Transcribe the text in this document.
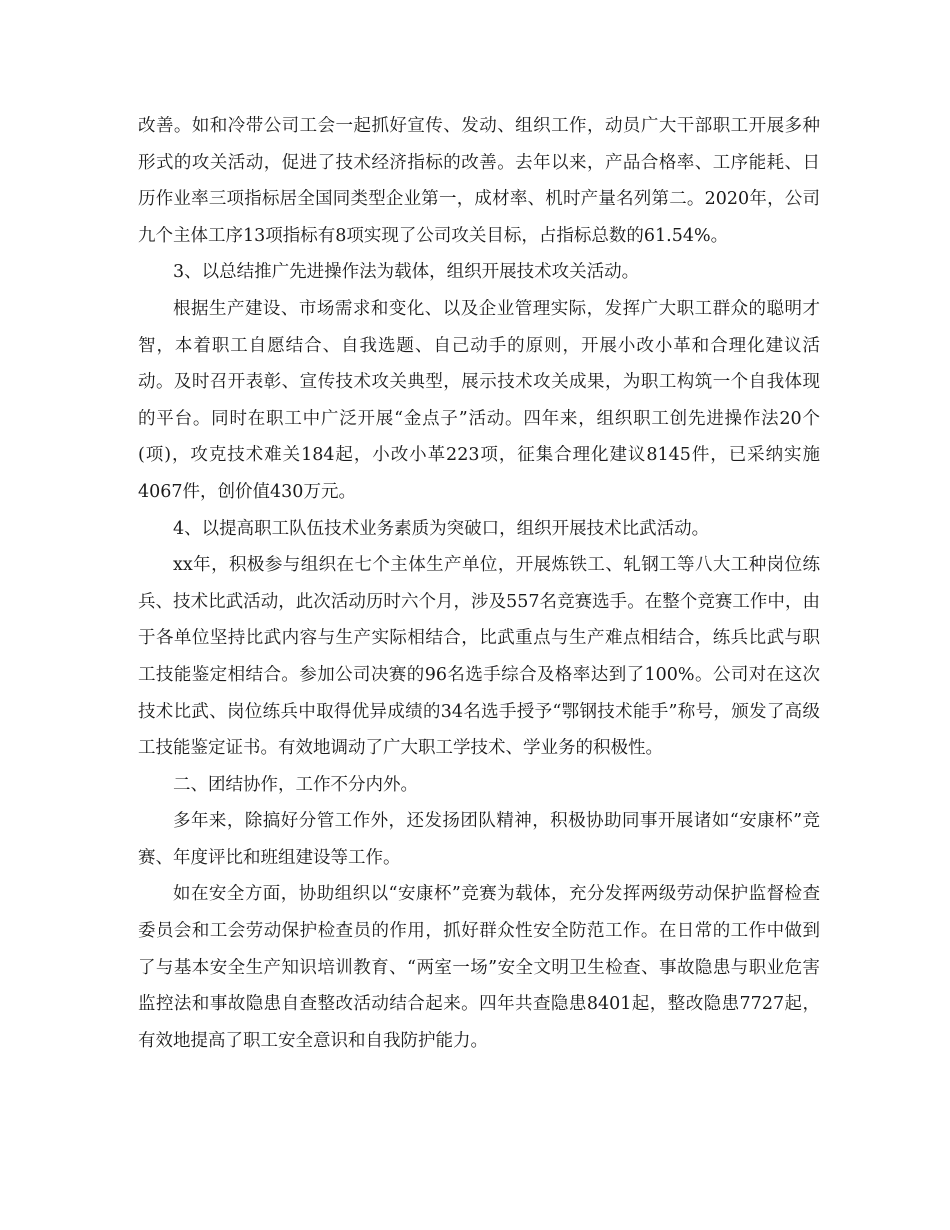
改善。如和冷带公司工会一起抓好宣传、发动、组织工作，动员广大干部职工开展多种形式的攻关活动，促进了技术经济指标的改善。去年以来，产品合格率、工序能耗、日历作业率三项指标居全国同类型企业第一，成材率、机时产量名列第二。2020年，公司九个主体工序13项指标有8项实现了公司攻关目标，占指标总数的61.54%。

3、以总结推广先进操作法为载体，组织开展技术攻关活动。

根据生产建设、市场需求和变化、以及企业管理实际，发挥广大职工群众的聪明才智，本着职工自愿结合、自我选题、自己动手的原则，开展小改小革和合理化建议活动。及时召开表彰、宣传技术攻关典型，展示技术攻关成果，为职工构筑一个自我体现的平台。同时在职工中广泛开展“金点子”活动。四年来，组织职工创先进操作法20个(项)，攻克技术难关184起，小改小革223项，征集合理化建议8145件，已采纳实施4067件，创价值430万元。

4、以提高职工队伍技术业务素质为突破口，组织开展技术比武活动。

xx年，积极参与组织在七个主体生产单位，开展炼铁工、轧钢工等八大工种岗位练兵、技术比武活动，此次活动历时六个月，涉及557名竞赛选手。在整个竞赛工作中，由于各单位坚持比武内容与生产实际相结合，比武重点与生产难点相结合，练兵比武与职工技能鉴定相结合。参加公司决赛的96名选手综合及格率达到了100%。公司对在这次技术比武、岗位练兵中取得优异成绩的34名选手授予“鄂钢技术能手”称号，颁发了高级工技能鉴定证书。有效地调动了广大职工学技术、学业务的积极性。

二、团结协作，工作不分内外。

多年来，除搞好分管工作外，还发扬团队精神，积极协助同事开展诸如“安康杯”竞赛、年度评比和班组建设等工作。

如在安全方面，协助组织以“安康杯”竞赛为载体，充分发挥两级劳动保护监督检查委员会和工会劳动保护检查员的作用，抓好群众性安全防范工作。在日常的工作中做到了与基本安全生产知识培训教育、“两室一场”安全文明卫生检查、事故隐患与职业危害监控法和事故隐患自查整改活动结合起来。四年共查隐患8401起，整改隐患7727起，有效地提高了职工安全意识和自我防护能力。
